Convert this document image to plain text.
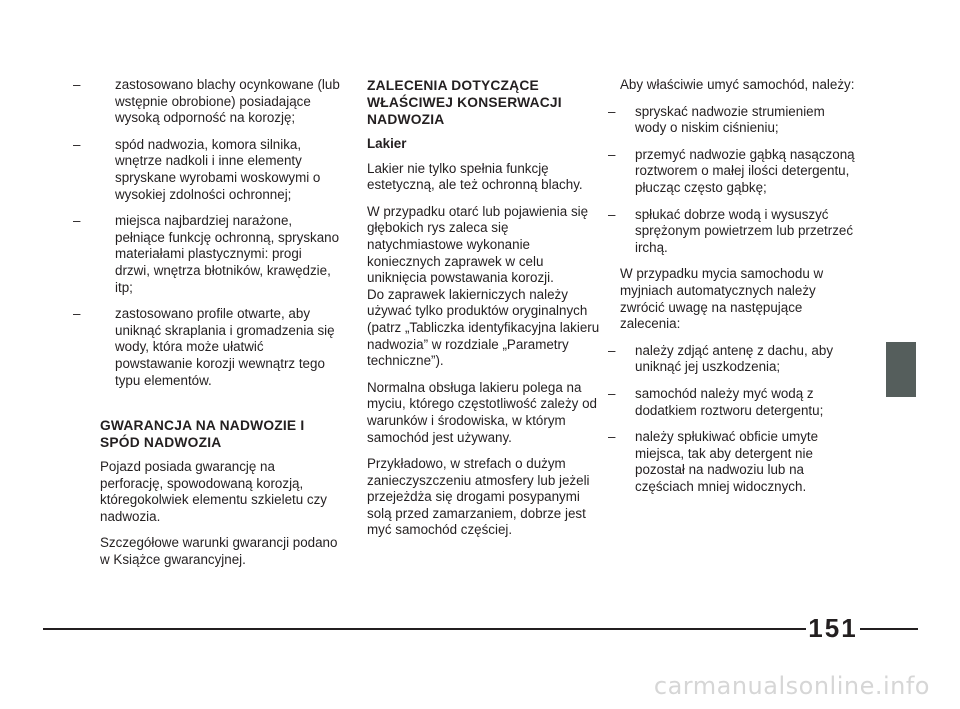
–	zastosowano blachy ocynkowane (lub wstępnie obrobione) posiadające wysoką odporność na korozję;
–	spód nadwozia, komora silnika, wnętrze nadkoli i inne elementy spryskane wyrobami woskowymi o wysokiej zdolności ochronnej;
–	miejsca najbardziej narażone, pełniące funkcję ochronną, spryskano materiałami plastycznymi: progi drzwi, wnętrza błotników, krawędzie, itp;
–	zastosowano profile otwarte, aby uniknąć skraplania i gromadzenia się wody, która może ułatwić powstawanie korozji wewnątrz tego typu elementów.
GWARANCJA NA NADWOZIE I SPÓD NADWOZIA
Pojazd posiada gwarancję na perforację, spowodowaną korozją, któregokolwiek elementu szkieletu czy nadwozia.
Szczegółowe warunki gwarancji podano w Książce gwarancyjnej.
ZALECENIA DOTYCZĄCE WŁAŚCIWEJ KONSERWACJI NADWOZIA
Lakier
Lakier nie tylko spełnia funkcję estetyczną, ale też ochronną blachy.
W przypadku otarć lub pojawienia się głębokich rys zaleca się natychmiastowe wykonanie koniecznych zaprawek w celu uniknięcia powstawania korozji.
Do zaprawek lakierniczych należy używać tylko produktów oryginalnych (patrz „Tabliczka identyfikacyjna lakieru nadwozia” w rozdziale „Parametry techniczne”).
Normalna obsługa lakieru polega na myciu, którego częstotliwość zależy od warunków i środowiska, w którym samochód jest używany.
Przykładowo, w strefach o dużym zanieczyszczeniu atmosfery lub jeżeli przejeżdża się drogami posypanymi solą przed zamarzaniem, dobrze jest myć samochód częściej.
Aby właściwie umyć samochód, należy:
–	spryskać nadwozie strumieniem wody o niskim ciśnieniu;
–	przemyć nadwozie gąbką nasączoną roztworem o małej ilości detergentu, płucząc często gąbkę;
–	spłukać dobrze wodą i wysuszyć sprężonym powietrzem lub przetrzeć irchą.
W przypadku mycia samochodu w myjniach automatycznych należy zwrócić uwagę na następujące zalecenia:
–	należy zdjąć antenę z dachu, aby uniknąć jej uszkodzenia;
–	samochód należy myć wodą z dodatkiem roztworu detergentu;
–	należy spłukiwać obficie umyte miejsca, tak aby detergent nie pozostał na nadwoziu lub na częściach mniej widocznych.
151
carmanualsonline.info
